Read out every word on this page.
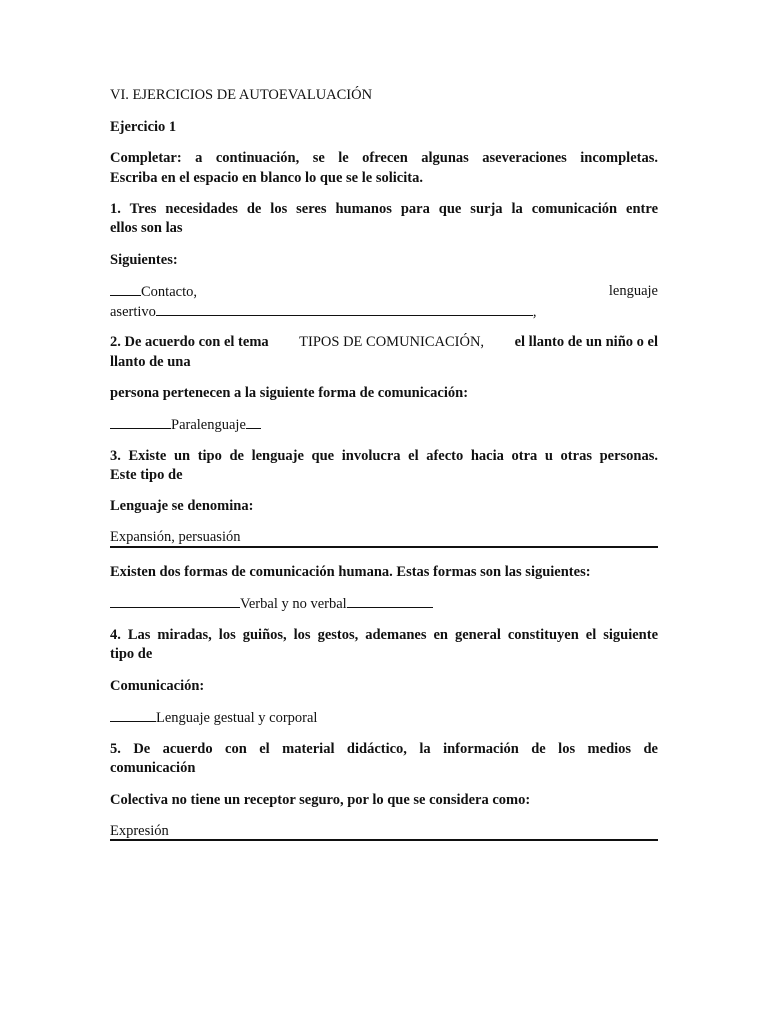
VI. EJERCICIOS DE AUTOEVALUACIÓN
Ejercicio 1
Completar: a continuación, se le ofrecen algunas aseveraciones incompletas.
Escriba en el espacio en blanco lo que se le solicita.
1. Tres necesidades de los seres humanos para que surja la comunicación entre
ellos son las
Siguientes:
Contacto,	lenguaje
asertivo	,
2. De acuerdo con el tema TIPOS DE COMUNICACIÓN, el llanto de un niño o el
llanto de una
persona pertenecen a la siguiente forma de comunicación:
Paralenguaje
3. Existe un tipo de lenguaje que involucra el afecto hacia otra u otras personas.
Este tipo de
Lenguaje se denomina:
Expansión, persuasión
Existen dos formas de comunicación humana. Estas formas son las siguientes:
Verbal y no verbal
4. Las miradas, los guiños, los gestos, ademanes en general constituyen el siguiente
tipo de
Comunicación:
Lenguaje gestual y corporal
5. De acuerdo con el material didáctico, la información de los medios de
comunicación
Colectiva no tiene un receptor seguro, por lo que se considera como:
Expresión
